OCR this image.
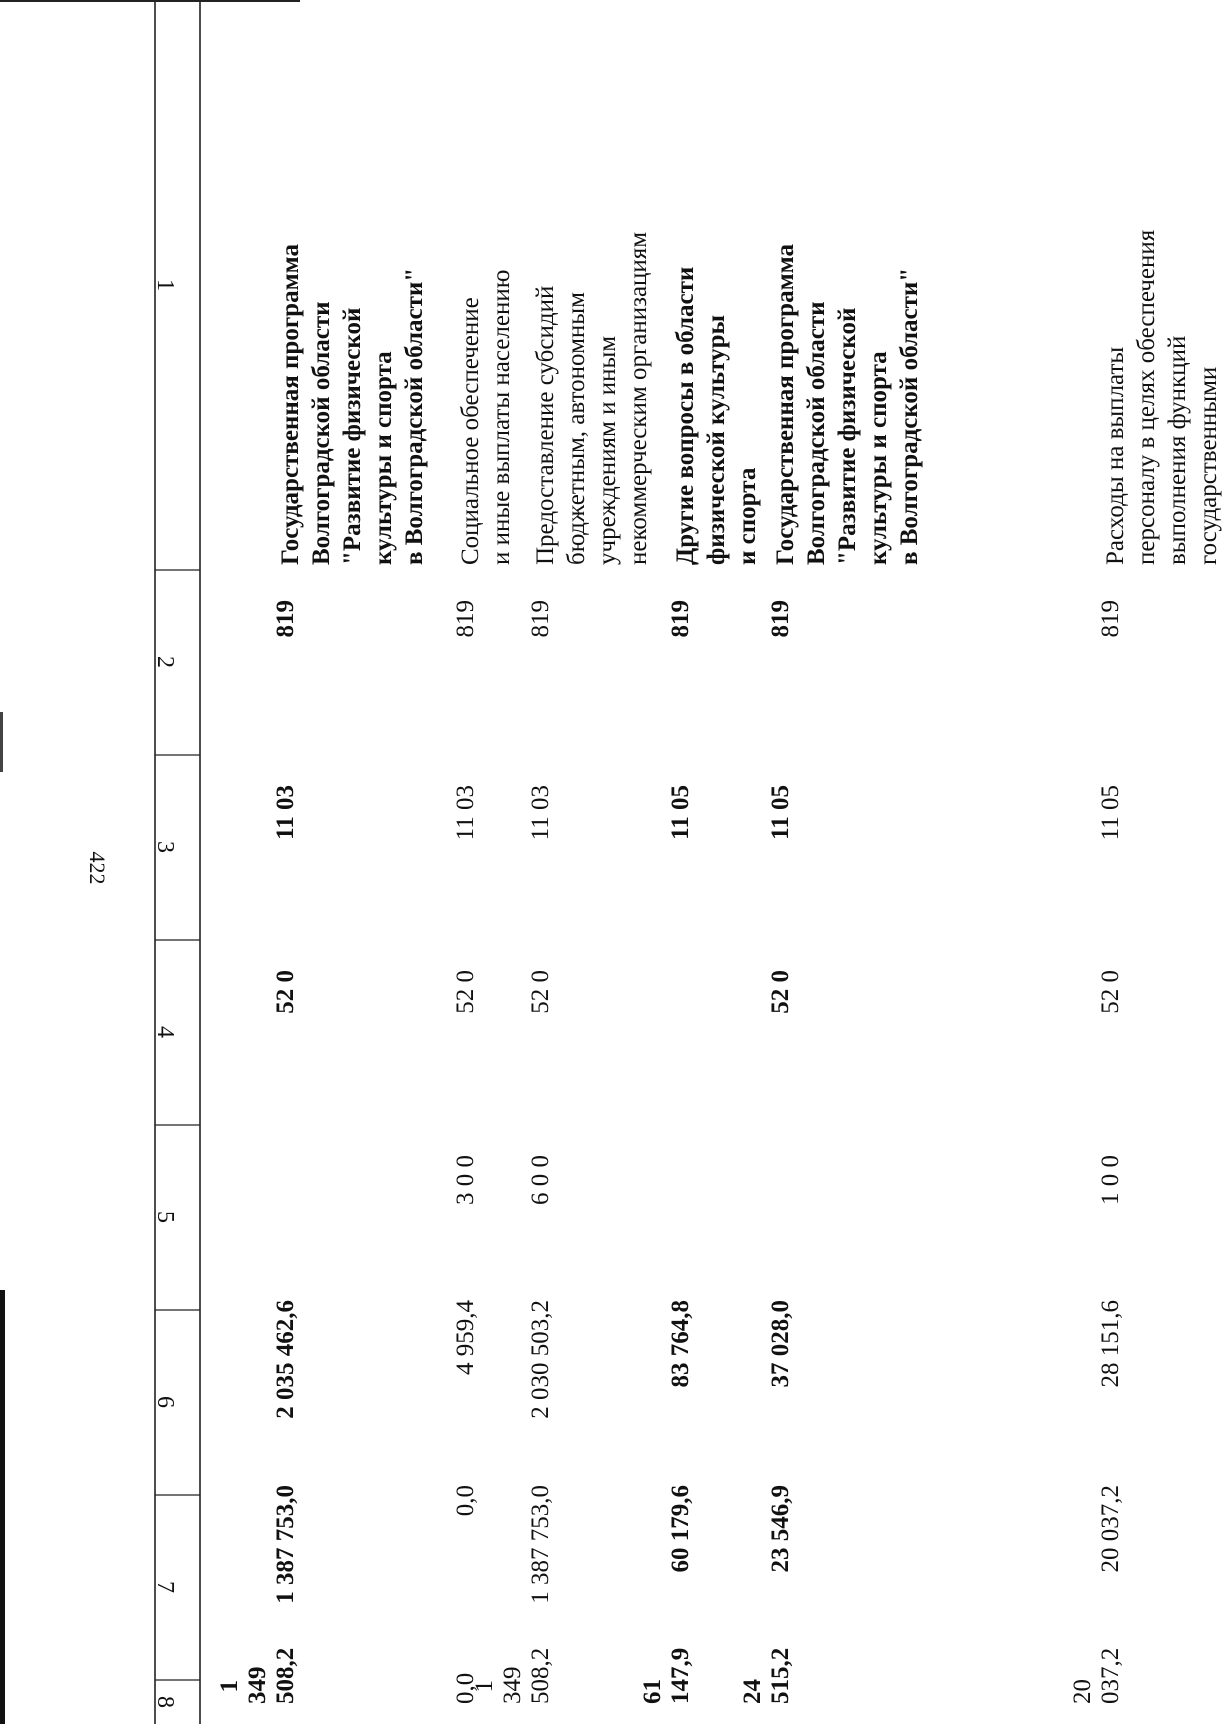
422
1
2
3
4
5
6
7
8
Государственная программа Волгоградской области "Развитие физической культуры и спорта в Волгоградской области"
819
11 03
52 0
2 035 462,6
1 387 753,0
1 349 508,2
Социальное обеспечение и иные выплаты населению
819
11 03
52 0
3 0 0
4 959,4
0,0
0,0
Предоставление субсидий бюджетным, автономным учреждениям и иным некоммерческим организациям
819
11 03
52 0
6 0 0
2 030 503,2
1 387 753,0
1 349 508,2
Другие вопросы в области физической культуры и спорта
819
11 05
83 764,8
60 179,6
61 147,9
Государственная программа Волгоградской области "Развитие физической культуры и спорта в Волгоградской области"
819
11 05
52 0
37 028,0
23 546,9
24 515,2
Расходы на выплаты персоналу в целях обеспечения выполнения функций государственными
819
11 05
52 0
1 0 0
28 151,6
20 037,2
20 037,2
